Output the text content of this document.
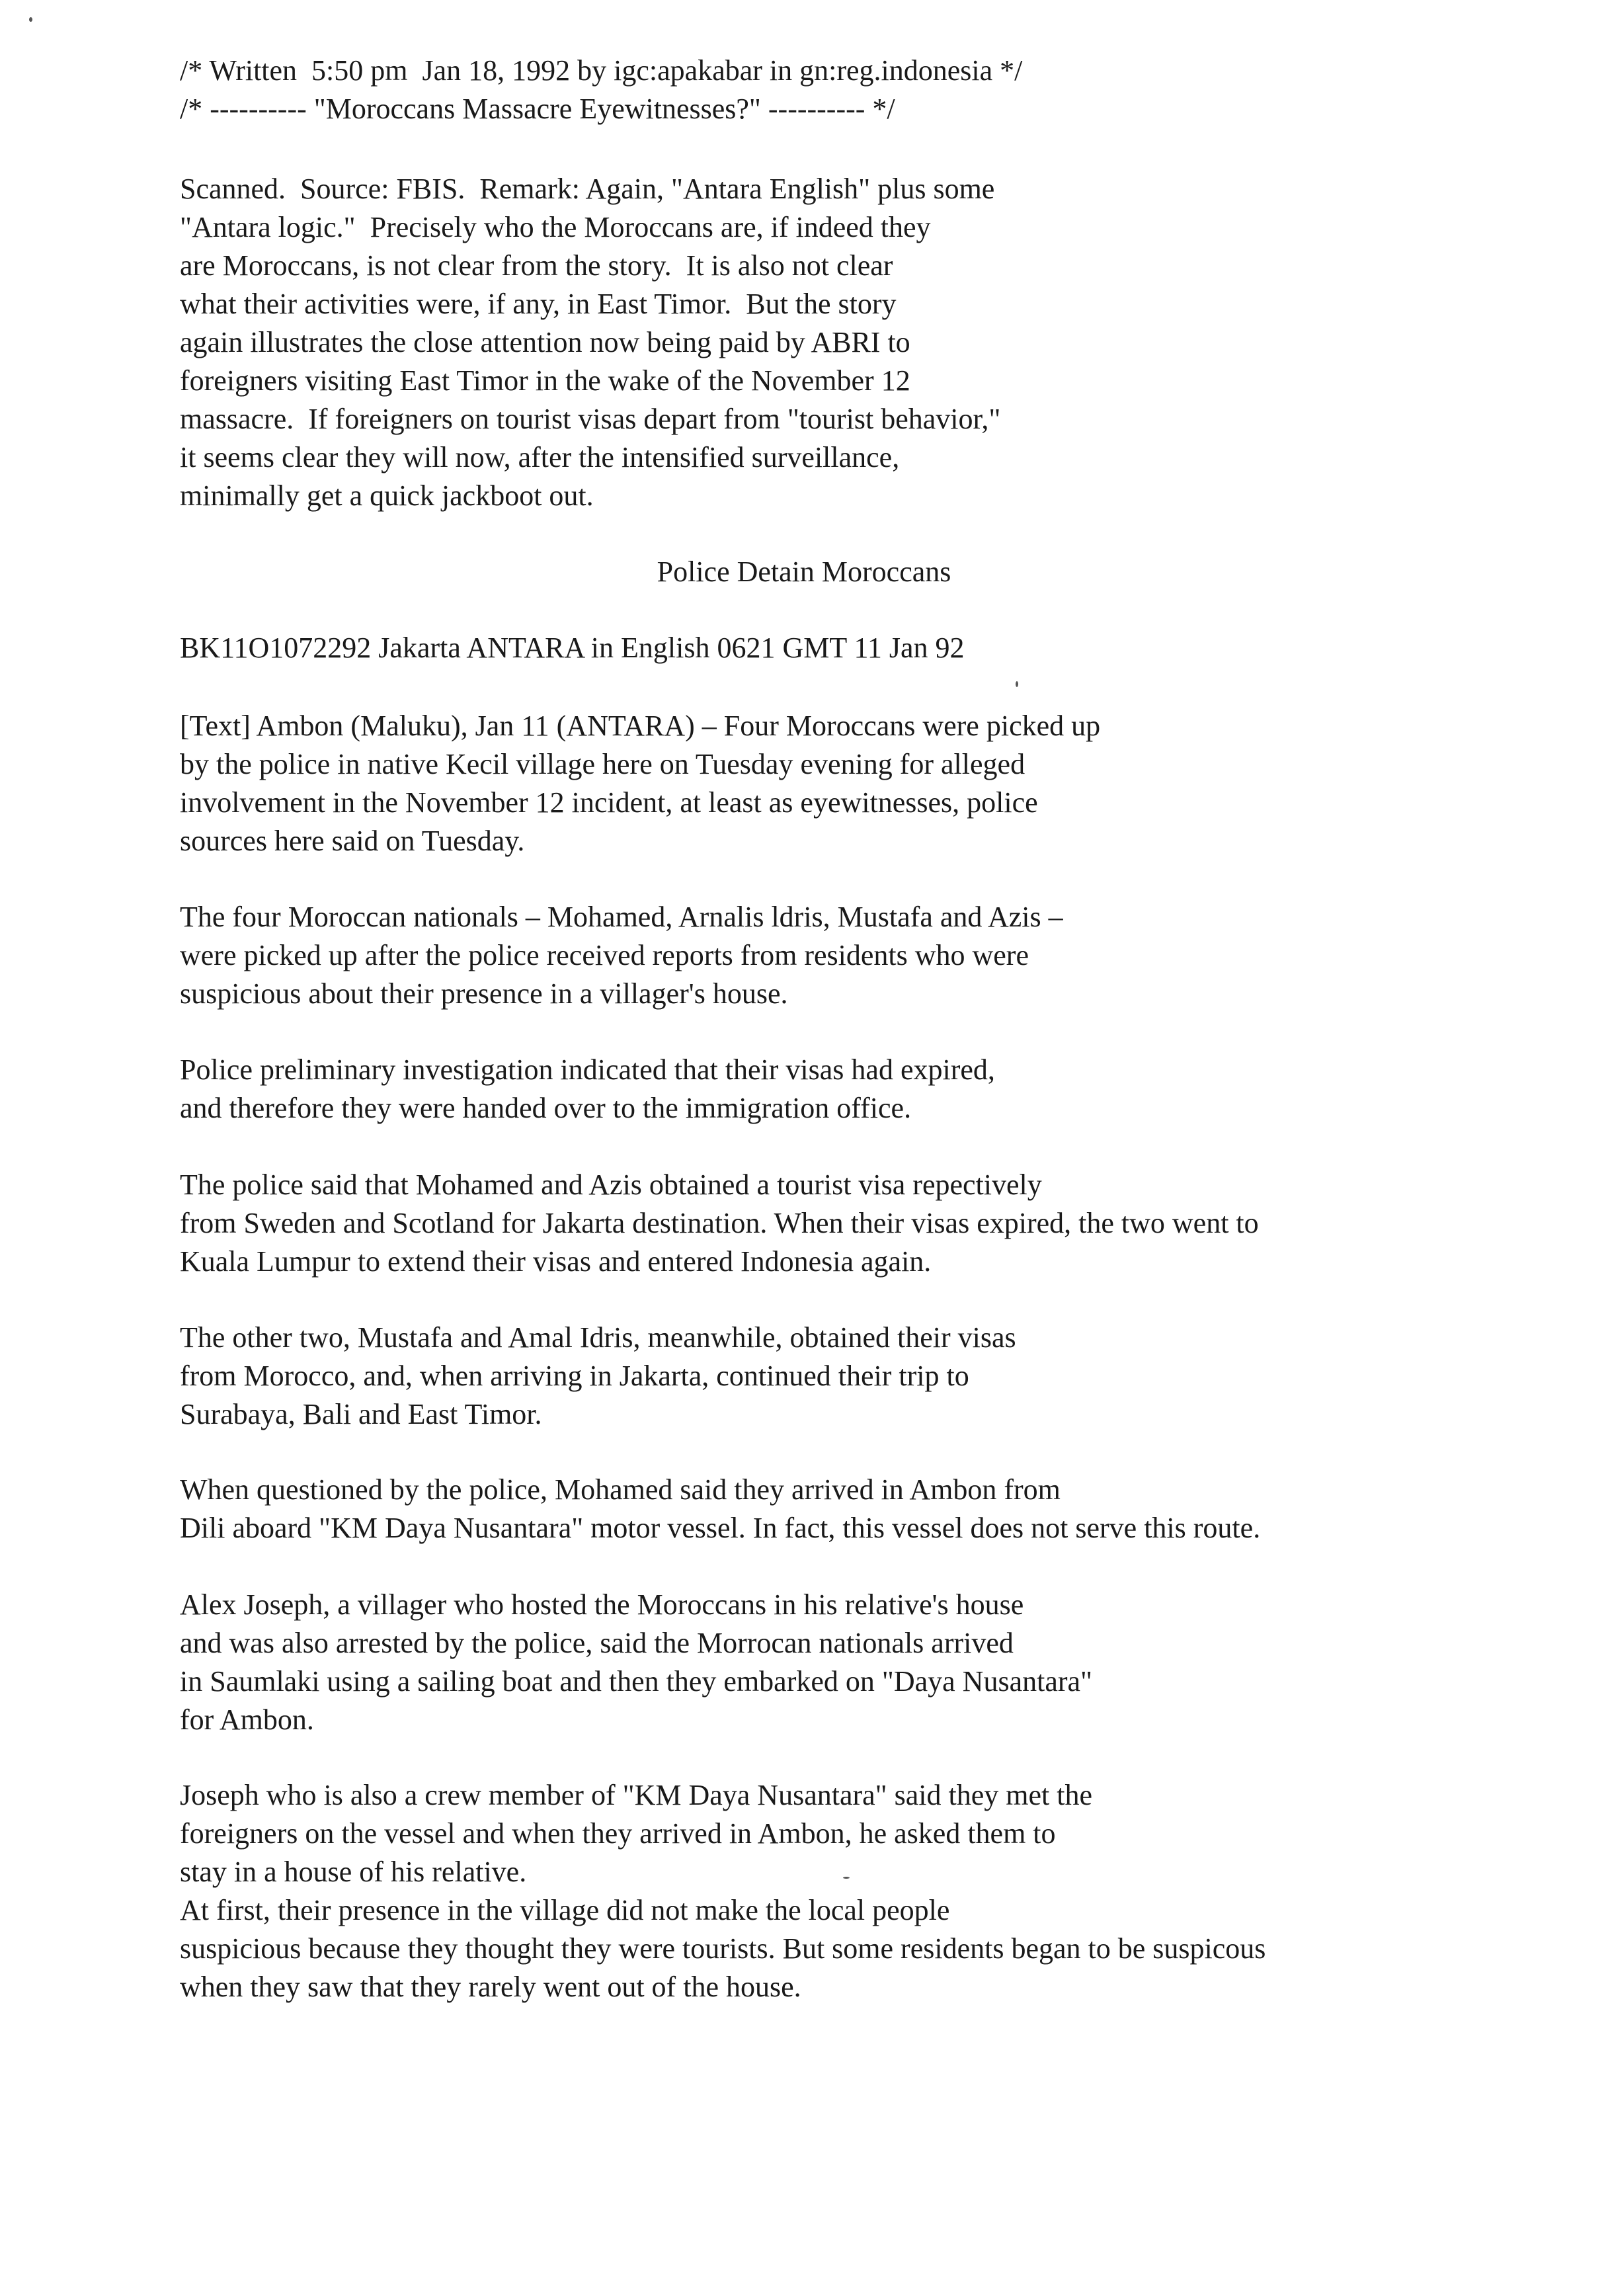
/* Written  5:50 pm  Jan 18, 1992 by igc:apakabar in gn:reg.indonesia */
/* ---------- "Moroccans Massacre Eyewitnesses?" ---------- */
Scanned.  Source: FBIS.  Remark: Again, "Antara English" plus some
"Antara logic."  Precisely who the Moroccans are, if indeed they
are Moroccans, is not clear from the story.  It is also not clear
what their activities were, if any, in East Timor.  But the story
again illustrates the close attention now being paid by ABRI to
foreigners visiting East Timor in the wake of the November 12
massacre.  If foreigners on tourist visas depart from "tourist behavior,"
it seems clear they will now, after the intensified surveillance,
minimally get a quick jackboot out.
Police Detain Moroccans
BK11O1072292 Jakarta ANTARA in English 0621 GMT 11 Jan 92
[Text] Ambon (Maluku), Jan 11 (ANTARA) – Four Moroccans were picked up
by the police in native Kecil village here on Tuesday evening for alleged
involvement in the November 12 incident, at least as eyewitnesses, police
sources here said on Tuesday.
The four Moroccan nationals – Mohamed, Arnalis ldris, Mustafa and Azis –
were picked up after the police received reports from residents who were
suspicious about their presence in a villager's house.
Police preliminary investigation indicated that their visas had expired,
and therefore they were handed over to the immigration office.
The police said that Mohamed and Azis obtained a tourist visa repectively
from Sweden and Scotland for Jakarta destination. When their visas expired, the two went to
Kuala Lumpur to extend their visas and entered Indonesia again.
The other two, Mustafa and Amal Idris, meanwhile, obtained their visas
from Morocco, and, when arriving in Jakarta, continued their trip to
Surabaya, Bali and East Timor.
When questioned by the police, Mohamed said they arrived in Ambon from
Dili aboard "KM Daya Nusantara" motor vessel. In fact, this vessel does not serve this route.
Alex Joseph, a villager who hosted the Moroccans in his relative's house
and was also arrested by the police, said the Morrocan nationals arrived
in Saumlaki using a sailing boat and then they embarked on "Daya Nusantara"
for Ambon.
Joseph who is also a crew member of "KM Daya Nusantara" said they met the
foreigners on the vessel and when they arrived in Ambon, he asked them to
stay in a house of his relative.
At first, their presence in the village did not make the local people
suspicious because they thought they were tourists. But some residents began to be suspicous
when they saw that they rarely went out of the house.
